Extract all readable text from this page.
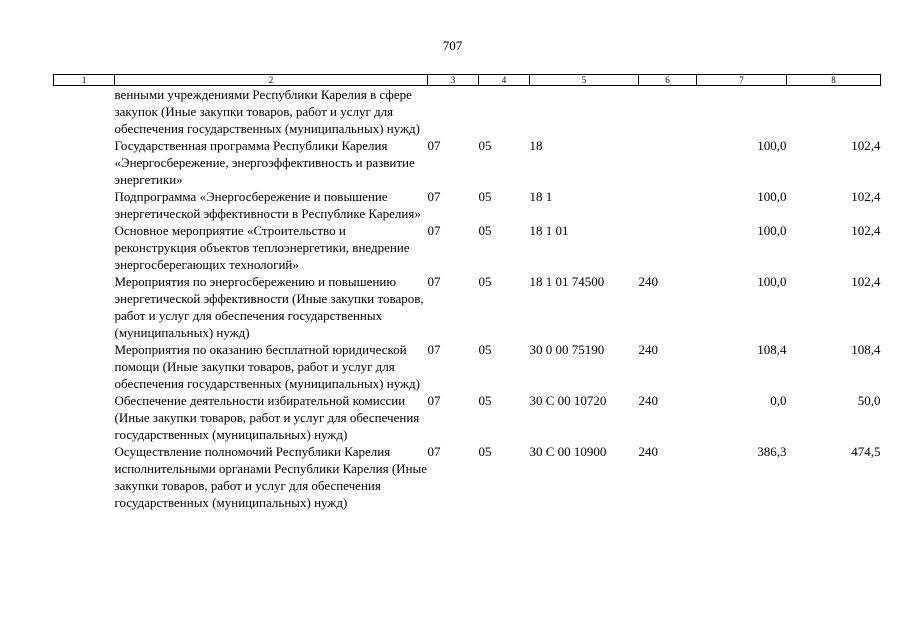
707
1	2	3	4	5	6	7	8
	венными учреждениями Республики Карелия в сфере закупок (Иные закупки товаров, работ и услуг для обеспечения государственных (муниципальных) нужд)						
	Государственная программа Республики Карелия «Энергосбережение, энергоэффективность и развитие энергетики»	07	05	18		100,0	102,4
	Подпрограмма «Энергосбережение и повышение энергетической эффективности в Республике Карелия»	07	05	18 1		100,0	102,4
	Основное мероприятие «Строительство и реконструкция объектов теплоэнергетики, внедрение энергосберегающих технологий»	07	05	18 1 01		100,0	102,4
	Мероприятия по энергосбережению и повышению энергетической эффективности (Иные закупки товаров, работ и услуг для обеспечения государственных (муниципальных) нужд)	07	05	18 1 01 74500	240	100,0	102,4
	Мероприятия по оказанию бесплатной юридической помощи (Иные закупки товаров, работ и услуг для обеспечения государственных (муниципальных) нужд)	07	05	30 0 00 75190	240	108,4	108,4
	Обеспечение деятельности избирательной комиссии (Иные закупки товаров, работ и услуг для обеспечения государственных (муниципальных) нужд)	07	05	30 С 00 10720	240	0,0	50,0
	Осуществление полномочий Республики Карелия исполнительными органами Республики Карелия (Иные закупки товаров, работ и услуг для обеспечения государственных (муниципальных) нужд)	07	05	30 С 00 10900	240	386,3	474,5
